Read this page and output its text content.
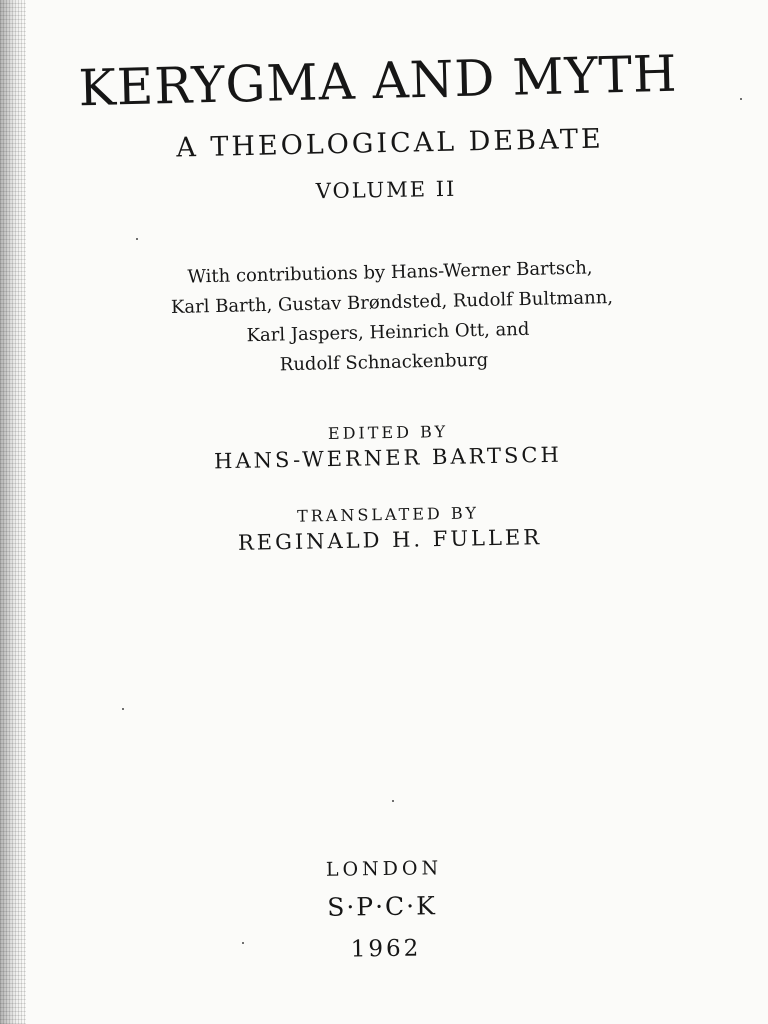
KERYGMA AND MYTH
A THEOLOGICAL DEBATE
VOLUME II
With contributions by Hans-Werner Bartsch,
Karl Barth, Gustav Brøndsted, Rudolf Bultmann,
Karl Jaspers, Heinrich Ott, and
Rudolf Schnackenburg
EDITED BY
HANS-WERNER BARTSCH
TRANSLATED BY
REGINALD H. FULLER
LONDON
S·P·C·K
1962
